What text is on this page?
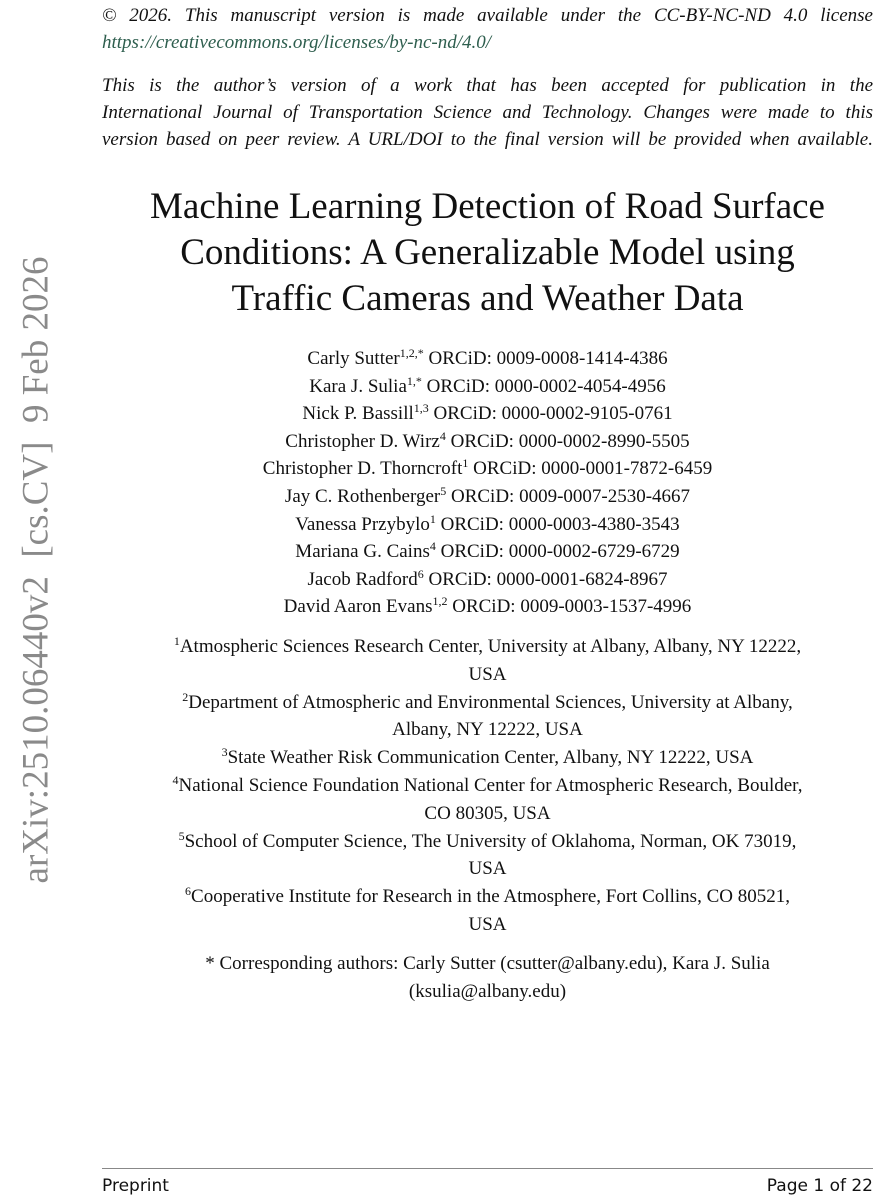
arXiv:2510.06440v2  [cs.CV]  9 Feb 2026

© 2026. This manuscript version is made available under the CC-BY-NC-ND 4.0 license

https://creativecommons.org/licenses/by-nc-nd/4.0/

This is the author’s version of a work that has been accepted for publication in the

International Journal of Transportation Science and Technology. Changes were made to this

version based on peer review. A URL/DOI to the final version will be provided when available.

Machine Learning Detection of Road Surface
Conditions: A Generalizable Model using
Traffic Cameras and Weather Data
Carly Sutter$^{1,2,*}$ ORCiD: 0009-0008-1414-4386
Kara J. Sulia$^{1,*}$ ORCiD: 0000-0002-4054-4956
Nick P. Bassill$^{1,3}$ ORCiD: 0000-0002-9105-0761
Christopher D. Wirz$^4$ ORCiD: 0000-0002-8990-5505
Christopher D. Thorncroft$^1$ ORCiD: 0000-0001-7872-6459
Jay C. Rothenberger$^5$ ORCiD: 0009-0007-2530-4667
Vanessa Przybylo$^1$ ORCiD: 0000-0003-4380-3543
Mariana G. Cains$^4$ ORCiD: 0000-0002-6729-6729
Jacob Radford$^6$ ORCiD: 0000-0001-6824-8967
David Aaron Evans$^{1,2}$ ORCiD: 0009-0003-1537-4996
$^1$Atmospheric Sciences Research Center, University at Albany, Albany, NY 12222,
USA
$^2$Department of Atmospheric and Environmental Sciences, University at Albany,
Albany, NY 12222, USA
$^3$State Weather Risk Communication Center, Albany, NY 12222, USA
$^4$National Science Foundation National Center for Atmospheric Research, Boulder,
CO 80305, USA
$^5$School of Computer Science, The University of Oklahoma, Norman, OK 73019,
USA
$^6$Cooperative Institute for Research in the Atmosphere, Fort Collins, CO 80521,
USA
* Corresponding authors: Carly Sutter (csutter@albany.edu), Kara J. Sulia
(ksulia@albany.edu)
Preprint	Page 1 of 22
